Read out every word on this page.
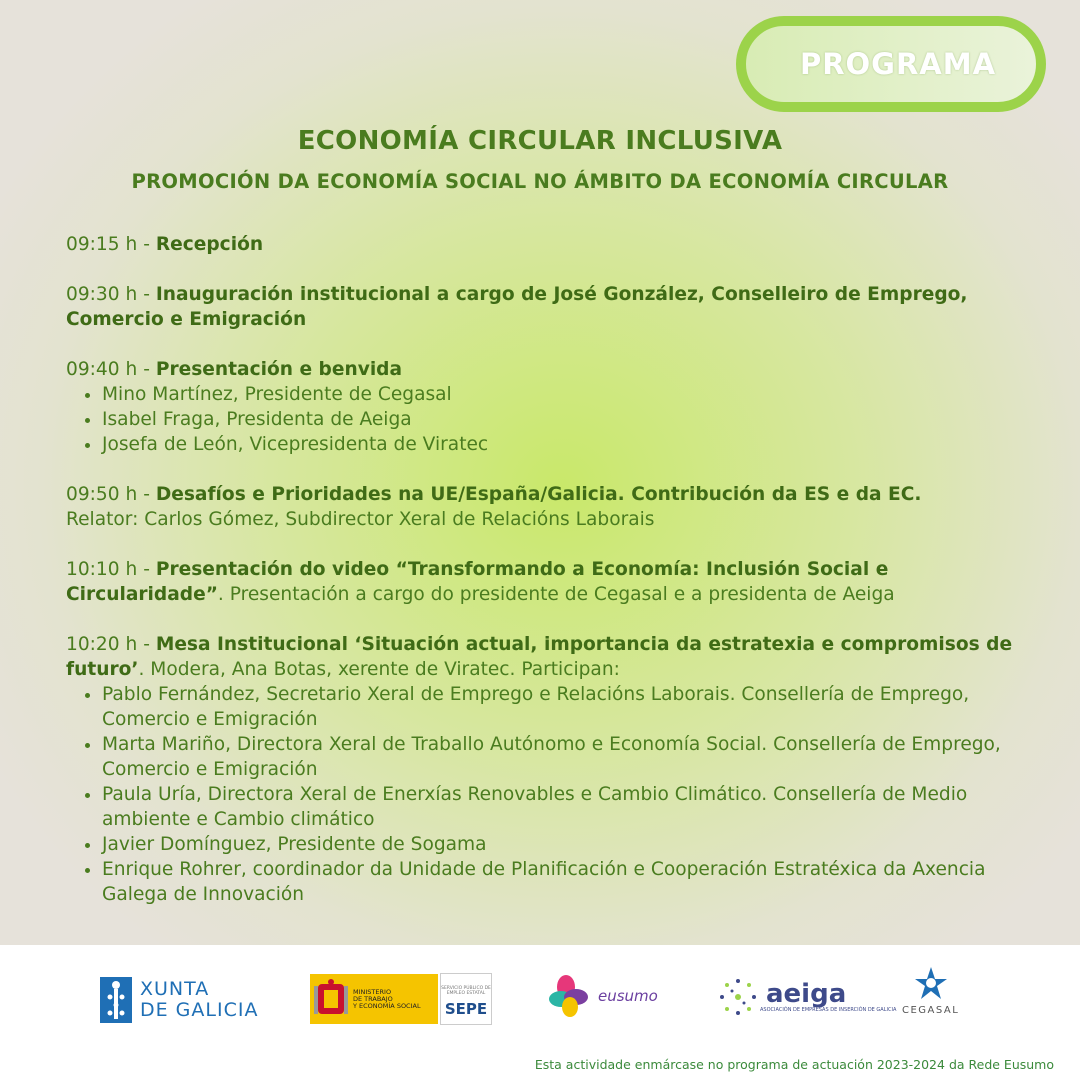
PROGRAMA
ECONOMÍA CIRCULAR INCLUSIVA
PROMOCIÓN DA ECONOMÍA SOCIAL NO ÁMBITO DA ECONOMÍA CIRCULAR

09:15 h - Recepción

09:30 h - Inauguración institucional a cargo de José González, Conselleiro de Emprego, Comercio e Emigración

09:40 h - Presentación e benvida

• Mino Martínez, Presidente de Cegasal
• Isabel Fraga, Presidenta de Aeiga
• Josefa de León, Vicepresidenta de Viratec

09:50 h - Desafíos e Prioridades na UE/España/Galicia. Contribución da ES e da EC.

Relator: Carlos Gómez, Subdirector Xeral de Relacións Laborais

10:10 h - Presentación do video “Transformando a Economía: Inclusión Social e Circularidade”. Presentación a cargo do presidente de Cegasal e a presidenta de Aeiga

10:20 h - Mesa Institucional ‘Situación actual, importancia da estratexia e compromisos de futuro’. Modera, Ana Botas, xerente de Viratec. Participan:

• Pablo Fernández, Secretario Xeral de Emprego e Relacións Laborais. Consellería de Emprego, Comercio e Emigración
• Marta Mariño, Directora Xeral de Traballo Autónomo e Economía Social. Consellería de Emprego, Comercio e Emigración
• Paula Uría, Directora Xeral de Enerxías Renovables e Cambio Climático. Consellería de Medio ambiente e Cambio climático
• Javier Domínguez, Presidente de Sogama
• Enrique Rohrer, coordinador da Unidade de Planificación e Cooperación Estratéxica da Axencia Galega de Innovación
XUNTA
DE GALICIA
MINISTERIO
DE TRABAJO
Y ECONOMÍA SOCIAL
SERVICIO PÚBLICO DE EMPLEO ESTATAL
SEPE
eusumo	aeiga
ASOCIACIÓN DE EMPRESAS DE INSERCIÓN DE GALICIA CEGASAL

Esta actividade enmárcase no programa de actuación 2023-2024 da Rede Eusumo
